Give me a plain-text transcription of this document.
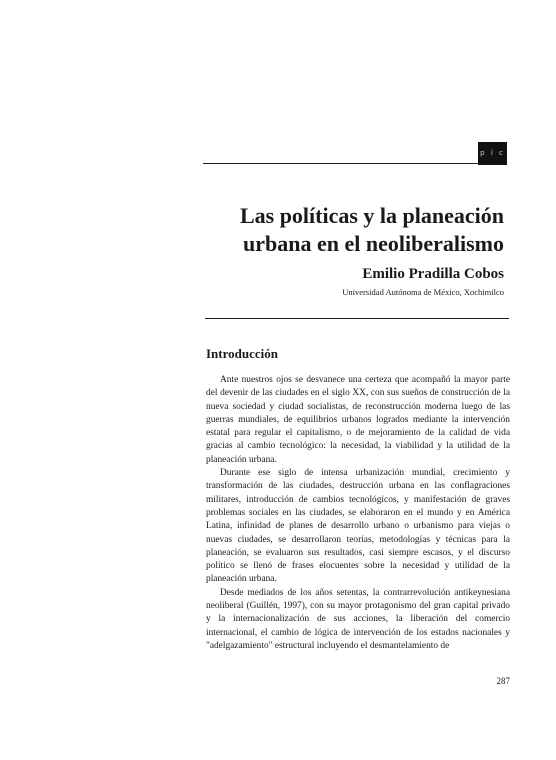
p í c
Las políticas y la planeación urbana en el neoliberalismo

Emilio Pradilla Cobos

Universidad Autónoma de México, Xochimilco

Introducción

Ante nuestros ojos se desvanece una certeza que acompañó la mayor parte del devenir de las ciudades en el siglo XX, con sus sueños de construcción de la nueva sociedad y ciudad socialistas, de reconstrucción moderna luego de las guerras mundiales, de equilibrios urbanos logrados mediante la intervención estatal para regular el capitalismo, o de mejoramiento de la calidad de vida gracias al cambio tecnológico: la necesidad, la viabilidad y la utilidad de la planeación urbana.

Durante ese siglo de intensa urbanización mundial, crecimiento y transformación de las ciudades, destrucción urbana en las conflagraciones militares, introducción de cambios tecnológicos, y manifestación de graves problemas sociales en las ciudades, se elaboraron en el mundo y en América Latina, infinidad de planes de desarrollo urbano o urbanismo para viejas o nuevas ciudades, se desarrollaron teorías, metodologías y técnicas para la planeación, se evaluaron sus resultados, casi siempre escasos, y el discurso político se llenó de frases elocuentes sobre la necesidad y utilidad de la planeación urbana.

Desde mediados de los años setentas, la contrarrevolución antikeynesiana neoliberal (Guillén, 1997), con su mayor protagonismo del gran capital privado y la internacionalización de sus acciones, la liberación del comercio internacional, el cambio de lógica de intervención de los estados nacionales y "adelgazamiento" estructural incluyendo el desmantelamiento de

287
